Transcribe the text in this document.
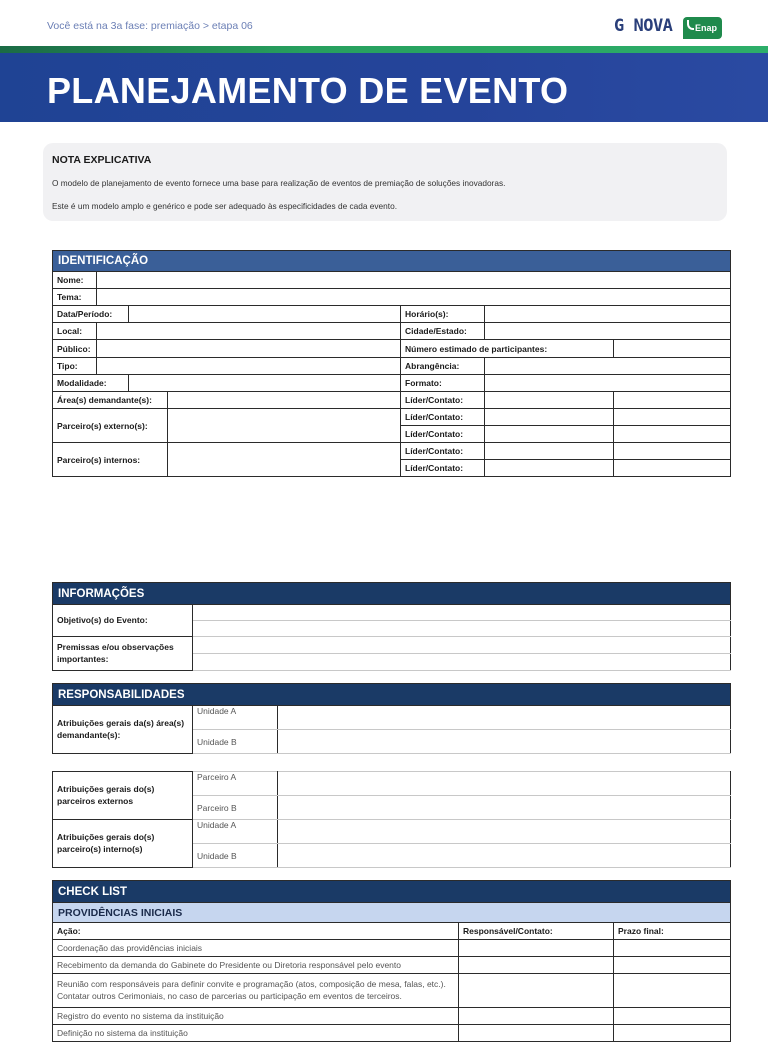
Você está na 3a fase: premiação > etapa 06	G NOVA	Enap
PLANEJAMENTO DE EVENTO
NOTA EXPLICATIVA

O modelo de planejamento de evento fornece uma base para realização de eventos de premiação de soluções inovadoras.

Este é um modelo amplo e genérico e pode ser adequado às especificidades de cada evento.

IDENTIFICAÇÃO						
Nome:						
Tema:						
Data/Período:				Horário(s):		
Local:				Cidade/Estado:		
Público:				Número estimado de participantes:		
Tipo:				Abrangência:		
Modalidade:				Formato:		
Área(s) demandante(s):				Líder/Contato:		
Parceiro(s) externo(s):				Líder/Contato:		
				Líder/Contato:		
Parceiro(s) internos:				Líder/Contato:		
				Líder/Contato:		
INFORMAÇÕES	
Objetivo(s) do Evento:	

Premissas e/ou observações importantes:	

RESPONSABILIDADES		
Atribuições gerais da(s) área(s) demandante(s):	Unidade A	
	Unidade B	
Atribuições gerais do(s) parceiros externos	Parceiro A	
	Parceiro B	
Atribuições gerais do(s) parceiro(s) interno(s)	Unidade A	
	Unidade B	
CHECK LIST		
PROVIDÊNCIAS INICIAIS		
Ação:	Responsável/Contato:	Prazo final:
Coordenação das providências iniciais		
Recebimento da demanda do Gabinete do Presidente ou Diretoria responsável pelo evento		
Reunião com responsáveis para definir convite e programação (atos, composição de mesa, falas, etc.). Contatar outros Cerimoniais, no caso de parcerias ou participação em eventos de terceiros.		
Registro do evento no sistema da instituição		
Definição no sistema da instituição		
